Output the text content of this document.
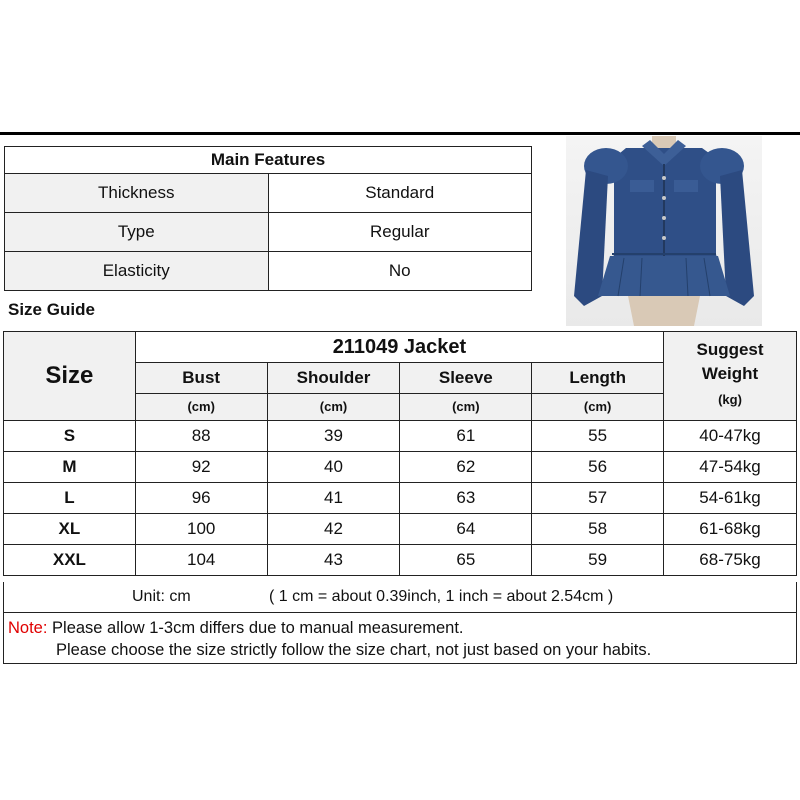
Main Features	
Thickness	Standard
Type	Regular
Elasticity	No
Size Guide
Size	211049 Jacket				Suggest Weight
(kg)

	Bust	Shoulder	Sleeve	Length	
	(cm)	(cm)	(cm)	(cm)	
S	88	39	61	55	40-47kg
M	92	40	62	56	47-54kg
L	96	41	63	57	54-61kg
XL	100	42	64	58	61-68kg
XXL	104	43	65	59	68-75kg
Unit: cm	( 1 cm = about 0.39inch, 1 inch = about 2.54cm )
Note: Please allow 1-3cm differs due to manual measurement.
Please choose the size strictly follow the size chart, not just based on your habits.
